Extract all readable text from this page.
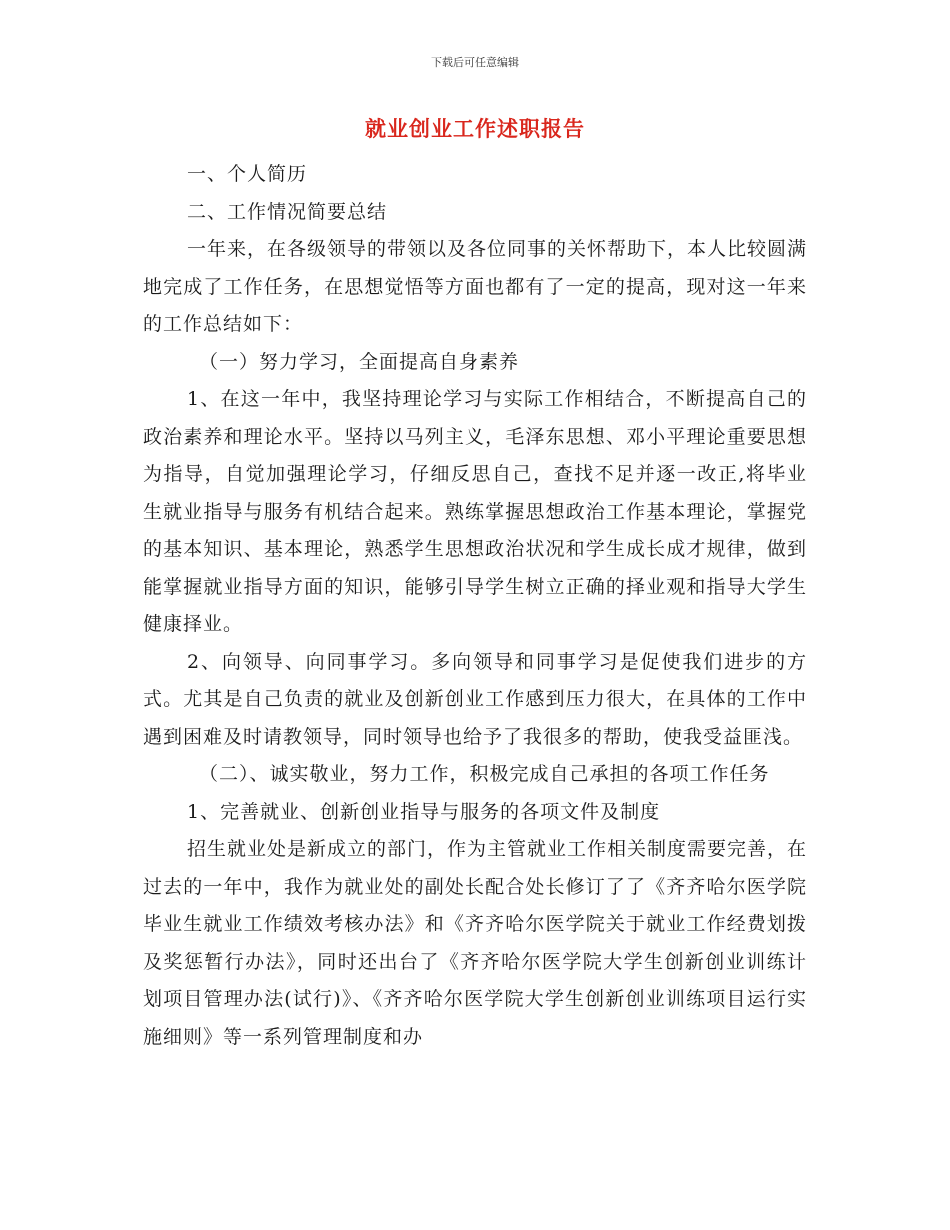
下载后可任意编辑
就业创业工作述职报告

一、个人简历

二、工作情况简要总结

一年来，在各级领导的带领以及各位同事的关怀帮助下，本人比较圆满地完成了工作任务，在思想觉悟等方面也都有了一定的提高，现对这一年来的工作总结如下：

（一）努力学习，全面提高自身素养

1、在这一年中，我坚持理论学习与实际工作相结合，不断提高自己的政治素养和理论水平。坚持以马列主义，毛泽东思想、邓小平理论重要思想为指导，自觉加强理论学习，仔细反思自己，查找不足并逐一改正,将毕业生就业指导与服务有机结合起来。熟练掌握思想政治工作基本理论，掌握党的基本知识、基本理论，熟悉学生思想政治状况和学生成长成才规律，做到能掌握就业指导方面的知识，能够引导学生树立正确的择业观和指导大学生健康择业。

2、向领导、向同事学习。多向领导和同事学习是促使我们进步的方式。尤其是自己负责的就业及创新创业工作感到压力很大，在具体的工作中遇到困难及时请教领导，同时领导也给予了我很多的帮助，使我受益匪浅。

（二）、诚实敬业，努力工作，积极完成自己承担的各项工作任务

1、完善就业、创新创业指导与服务的各项文件及制度

招生就业处是新成立的部门，作为主管就业工作相关制度需要完善，在过去的一年中，我作为就业处的副处长配合处长修订了了《齐齐哈尔医学院毕业生就业工作绩效考核办法》和《齐齐哈尔医学院关于就业工作经费划拨及奖惩暂行办法》，同时还出台了《齐齐哈尔医学院大学生创新创业训练计划项目管理办法(试行)》、《齐齐哈尔医学院大学生创新创业训练项目运行实施细则》等一系列管理制度和办
